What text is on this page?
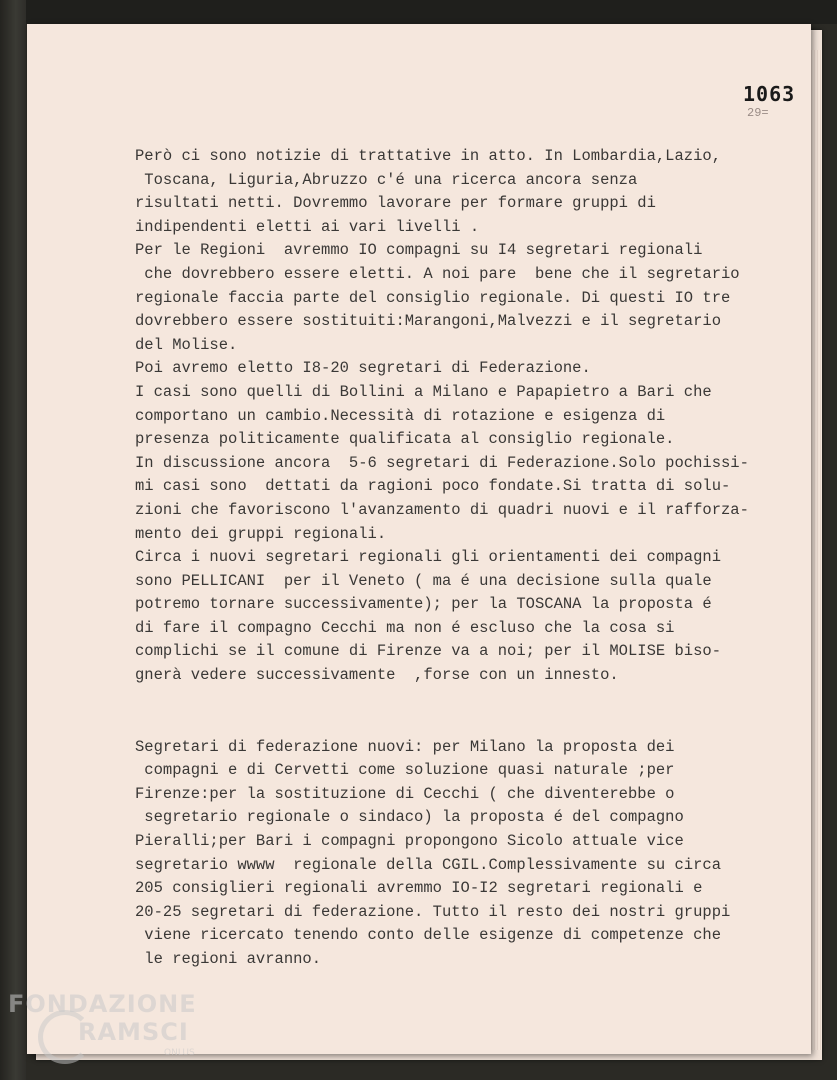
1063
29=
Però ci sono notizie di trattative in atto. In Lombardia,Lazio,
Toscana, Liguria,Abruzzo c'é una ricerca ancora senza
risultati netti. Dovremmo lavorare per formare gruppi di
indipendenti eletti ai vari livelli .
Per le Regioni  avremmo IO compagni su I4 segretari regionali
che dovrebbero essere eletti. A noi pare  bene che il segretario
regionale faccia parte del consiglio regionale. Di questi IO tre
dovrebbero essere sostituiti:Marangoni,Malvezzi e il segretario
del Molise.
Poi avremo eletto I8-20 segretari di Federazione.
I casi sono quelli di Bollini a Milano e Papapietro a Bari che
comportano un cambio.Necessità di rotazione e esigenza di
presenza politicamente qualificata al consiglio regionale.
In discussione ancora  5-6 segretari di Federazione.Solo pochissi-
mi casi sono  dettati da ragioni poco fondate.Si tratta di solu-
zioni che favoriscono l'avanzamento di quadri nuovi e il rafforza-
mento dei gruppi regionali.
Circa i nuovi segretari regionali gli orientamenti dei compagni
sono PELLICANI  per il Veneto ( ma é una decisione sulla quale
potremo tornare successivamente); per la TOSCANA la proposta é
di fare il compagno Cecchi ma non é escluso che la cosa si
complichi se il comune di Firenze va a noi; per il MOLISE biso-
gnerà vedere successivamente  ,forse con un innesto.
Segretari di federazione nuovi: per Milano la proposta dei
compagni e di Cervetti come soluzione quasi naturale ;per
Firenze:per la sostituzione di Cecchi ( che diventerebbe o
segretario regionale o sindaco) la proposta é del compagno
Pieralli;per Bari i compagni propongono Sicolo attuale vice
segretario ᴡᴡᴡᴡ  regionale della CGIL.Complessivamente su circa
205 consiglieri regionali avremmo IO-I2 segretari regionali e
20-25 segretari di federazione. Tutto il resto dei nostri gruppi
viene ricercato tenendo conto delle esigenze di competenze che
le regioni avranno.
FONDAZIONE
RAMSCI
ONLUS
